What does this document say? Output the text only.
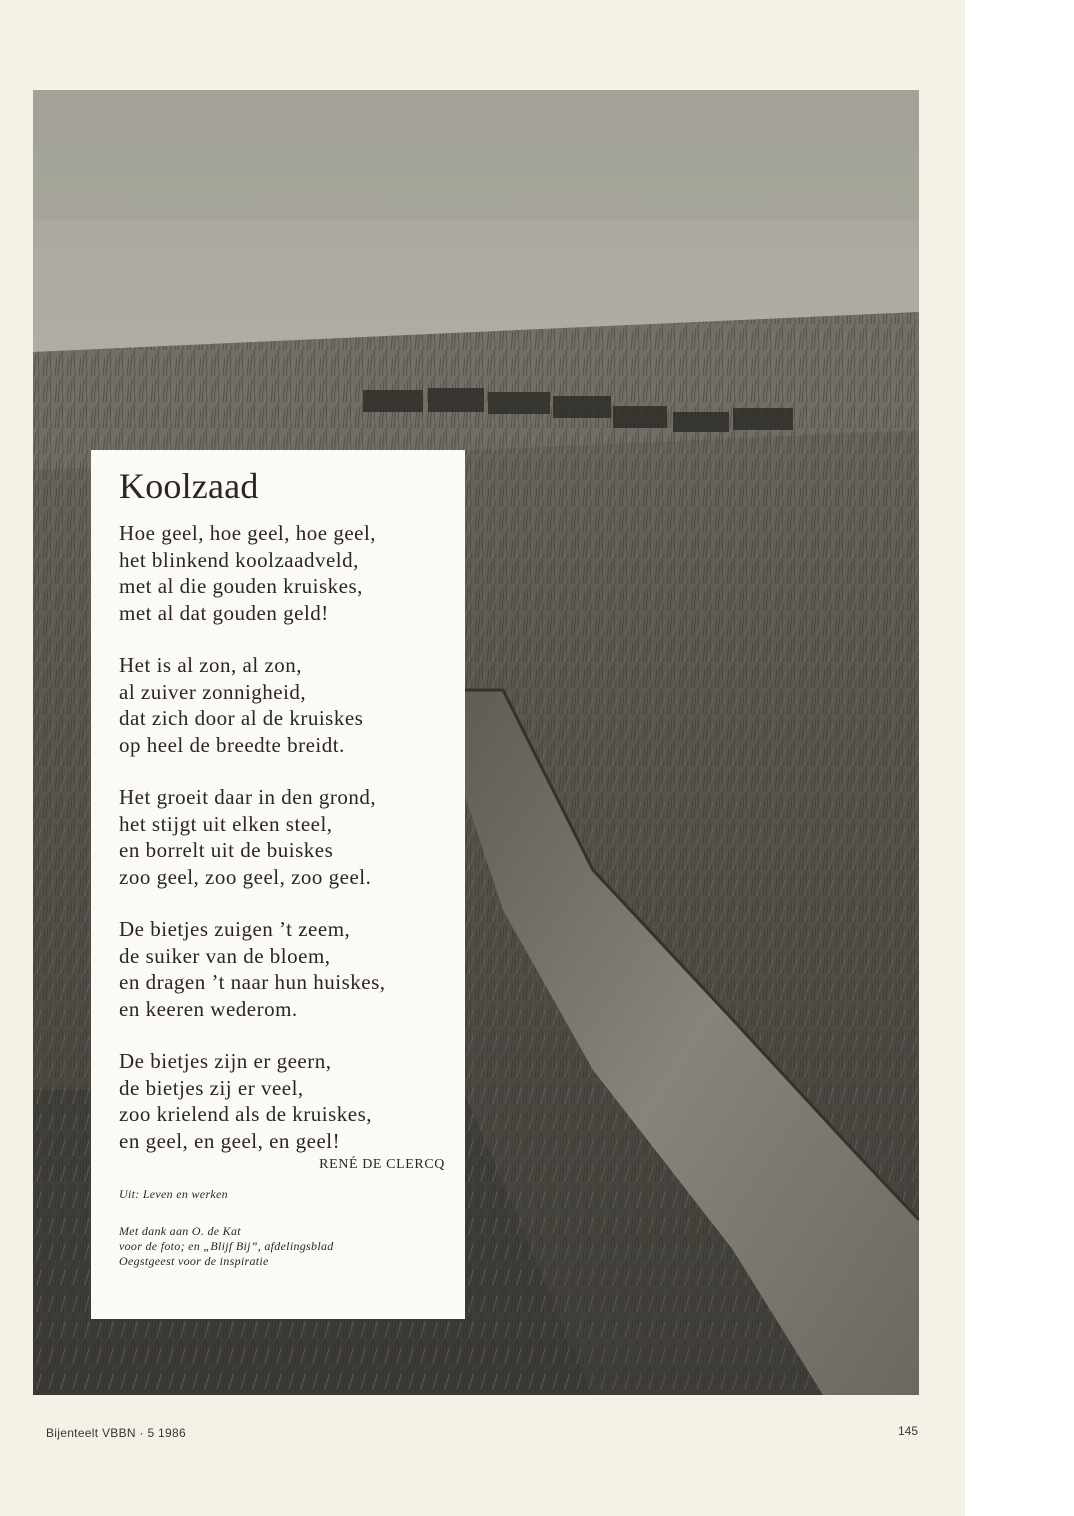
Koolzaad
Hoe geel, hoe geel, hoe geel,
het blinkend koolzaadveld,
met al die gouden kruiskes,
met al dat gouden geld!
Het is al zon, al zon,
al zuiver zonnigheid,
dat zich door al de kruiskes
op heel de breedte breidt.
Het groeit daar in den grond,
het stijgt uit elken steel,
en borrelt uit de buiskes
zoo geel, zoo geel, zoo geel.
De bietjes zuigen ’t zeem,
de suiker van de bloem,
en dragen ’t naar hun huiskes,
en keeren wederom.
De bietjes zijn er geern,
de bietjes zij er veel,
zoo krielend als de kruiskes,
en geel, en geel, en geel!
RENÉ DE CLERCQ
Uit: Leven en werken
Met dank aan O. de Kat
voor de foto; en „Blijf Bij”, afdelingsblad
Oegstgeest voor de inspiratie
Bijenteelt VBBN · 5 1986	145
